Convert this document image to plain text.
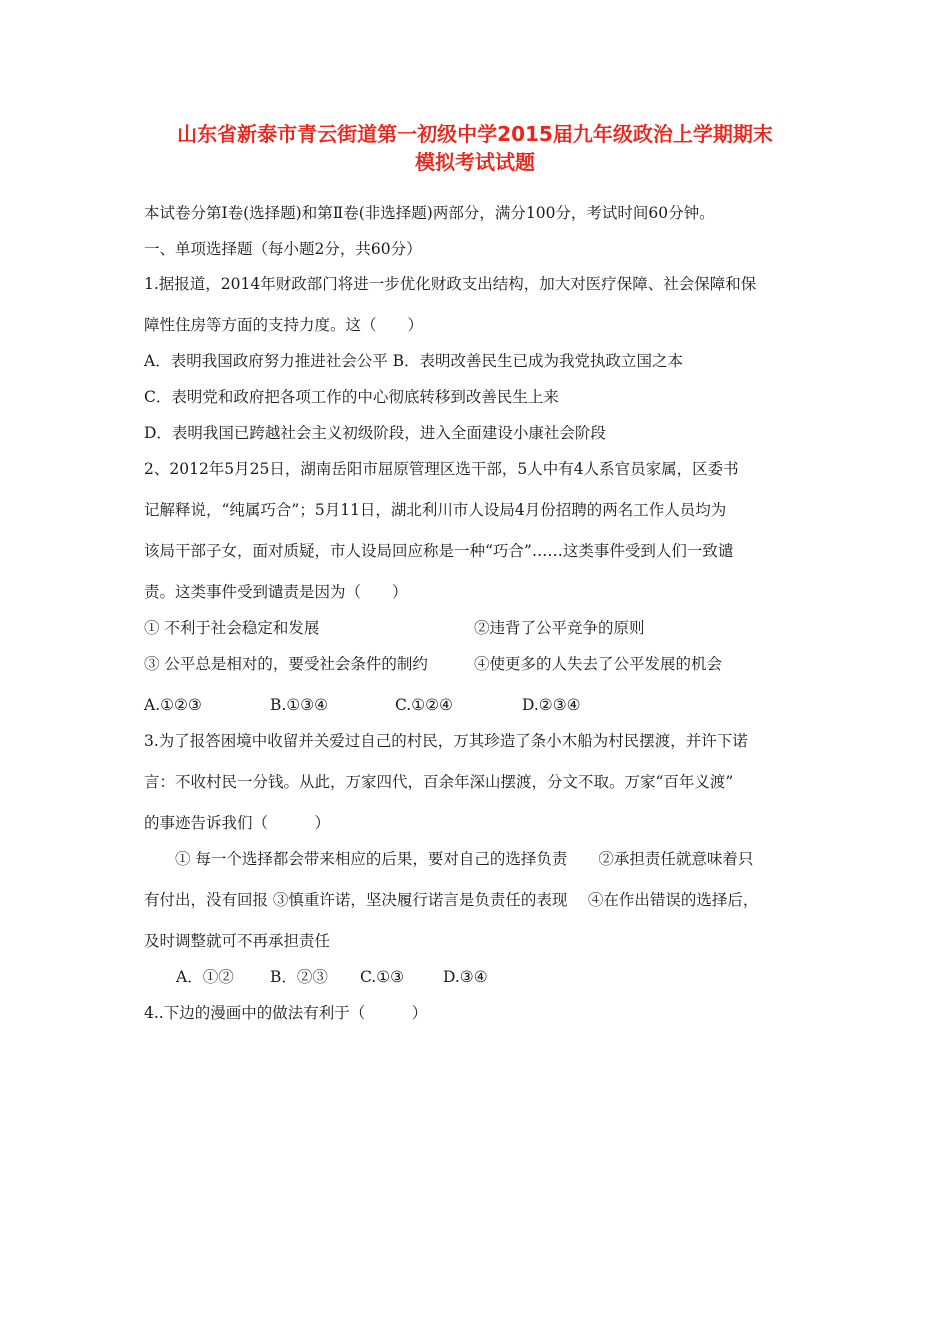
山东省新泰市青云街道第一初级中学2015届九年级政治上学期期末
模拟考试试题
本试卷分第Ⅰ卷(选择题)和第Ⅱ卷(非选择题)两部分，满分100分，考试时间60分钟。
一、单项选择题（每小题2分，共60分）
1.据报道，2014年财政部门将进一步优化财政支出结构，加大对医疗保障、社会保障和保
障性住房等方面的支持力度。这（　　）
A．表明我国政府努力推进社会公平 B．表明改善民生已成为我党执政立国之本
C．表明党和政府把各项工作的中心彻底转移到改善民生上来
D．表明我国已跨越社会主义初级阶段，进入全面建设小康社会阶段
2、2012年5月25日，湖南岳阳市屈原管理区选干部，5人中有4人系官员家属，区委书
记解释说，“纯属巧合”；5月11日，湖北利川市人设局4月份招聘的两名工作人员均为
该局干部子女，面对质疑，市人设局回应称是一种“巧合”……这类事件受到人们一致谴
责。这类事件受到谴责是因为（　　）
① 不利于社会稳定和发展	②违背了公平竞争的原则
③ 公平总是相对的，要受社会条件的制约	④使更多的人失去了公平发展的机会
A.①②③	B.①③④	C.①②④	D.②③④
3.为了报答困境中收留并关爱过自己的村民，万其珍造了条小木船为村民摆渡，并许下诺
言：不收村民一分钱。从此，万家四代，百余年深山摆渡，分文不取。万家“百年义渡”
的事迹告诉我们（　　　）
① 每一个选择都会带来相应的后果，要对自己的选择负责　　②承担责任就意味着只
有付出，没有回报 ③慎重许诺，坚决履行诺言是负责任的表现　 ④在作出错误的选择后，
及时调整就可不再承担责任
A．①② B．②③ C.①③	D.③④
4..下边的漫画中的做法有利于（　　　）
